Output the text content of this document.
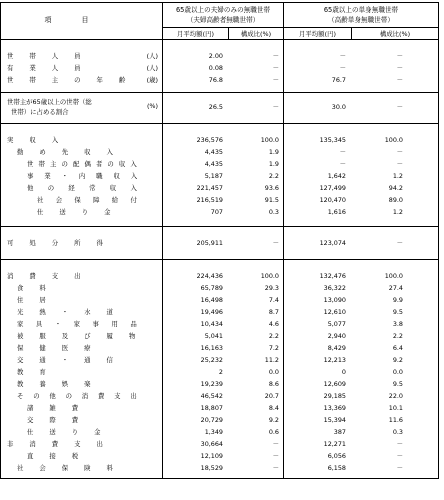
項目
65歳以上の夫婦のみの無職世帯
（夫婦高齢者無職世帯）
65歳以上の単身無職世帯
（高齢単身無職世帯）
月平均額(円)	構成比(%)	月平均額(円)	構成比(%)
世帯人員	(人)	2.00	－	－	－
有業人員	(人)	0.08	－	－	－
世帯主の年齢 (歳)	76.8	－	76.7	－
世帯主が65歳以上の世帯（総
世帯）に占める割合
(%)	26.5	－	30.0	－
実収入	236,576	100.0	135,345	100.0
勤め先収入	4,435	1.9	－	－
世帯主の配偶者の収入	4,435	1.9	－	－
事業・内職収入	5,187	2.2	1,642	1.2
他の経常収入	221,457	93.6	127,499	94.2
社会保障給付	216,519	91.5	120,470	89.0
仕送り金	707	0.3	1,616	1.2
可処分所得	205,911	－	123,074	－
消費支出	224,436	100.0	132,476	100.0
食料	65,789	29.3	36,322	27.4
住居	16,498	7.4	13,090	9.9
光熱・水道	19,496	8.7	12,610	9.5
家具・家事用品	10,434	4.6	5,077	3.8
被服及び履物	5,041	2.2	2,940	2.2
保健医療	16,163	7.2	8,429	6.4
交通・通信	25,232	11.2	12,213	9.2
教育	2	0.0	0	0.0
教養娯楽	19,239	8.6	12,609	9.5
その他の消費支出	46,542	20.7	29,185	22.0
諸雑費	18,807	8.4	13,369	10.1
交際費	20,729	9.2	15,394	11.6
仕送り金	1,349	0.6	387	0.3
非消費支出	30,664	－	12,271	－
直接税	12,109	－	6,056	－
社会保険料	18,529	－	6,158	－
